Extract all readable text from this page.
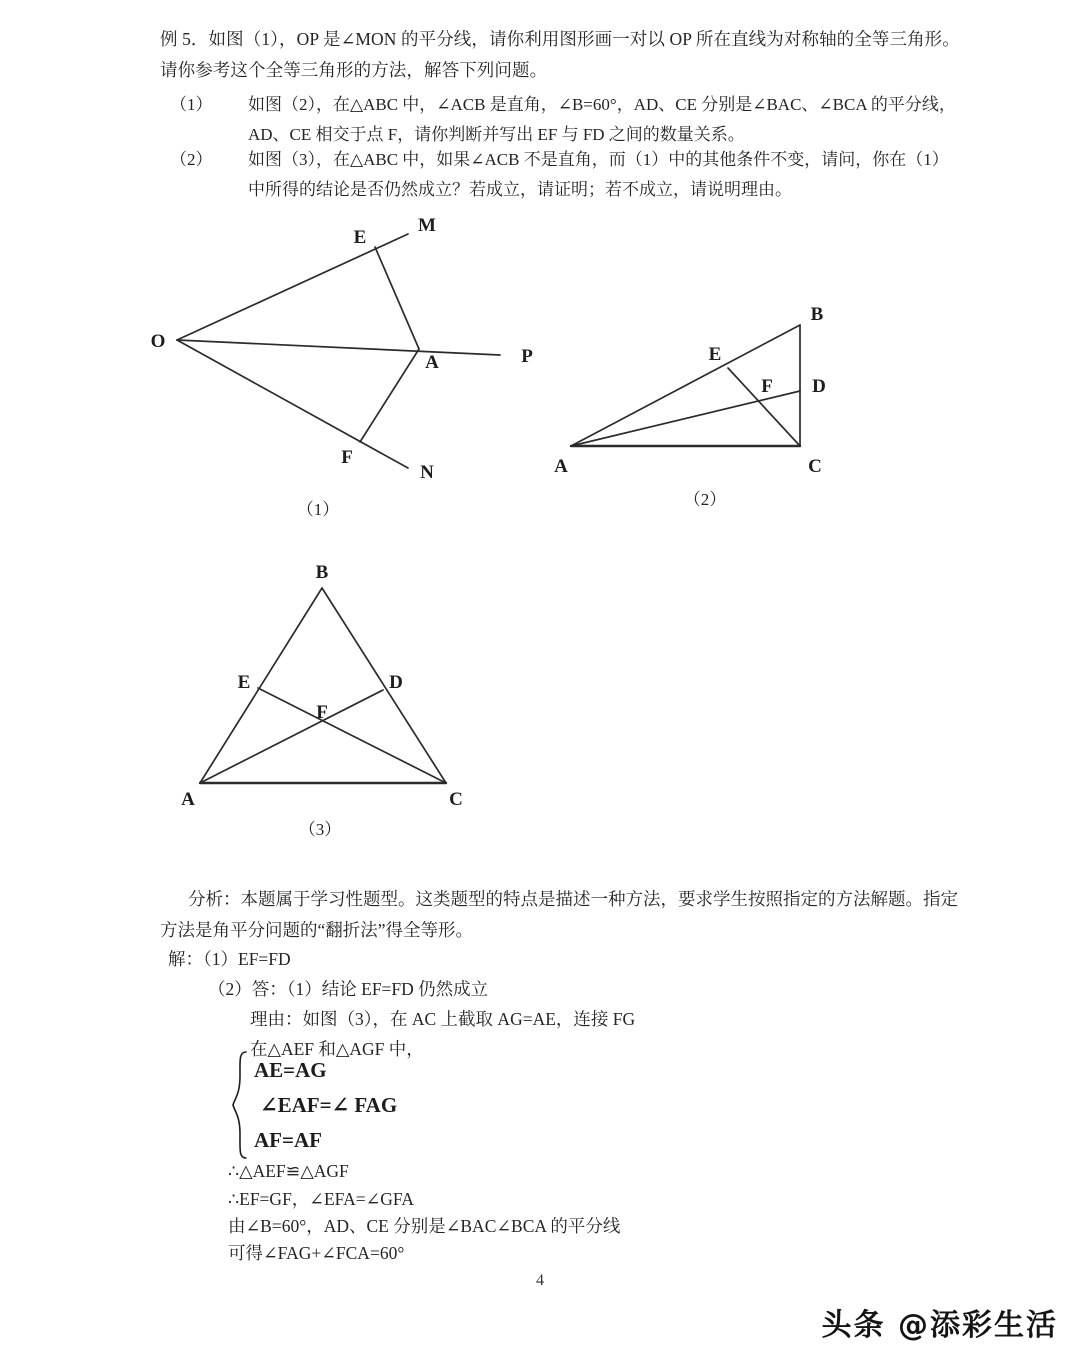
例 5．如图（1），OP 是∠MON 的平分线，请你利用图形画一对以 OP 所在直线为对称轴的全等三角形。

请你参考这个全等三角形的方法，解答下列问题。

（1） 如图（2），在△ABC 中，∠ACB 是直角，∠B=60°，AD、CE 分别是∠BAC、∠BCA 的平分线，
AD、CE 相交于点 F，请你判断并写出 EF 与 FD 之间的数量关系。
（2） 如图（3），在△ABC 中，如果∠ACB 不是直角，而（1）中的其他条件不变，请问，你在（1）
中所得的结论是否仍然成立？若成立，请证明；若不成立，请说明理由。
O
M
E
A	P
F
N
（1）
A
B
C
D
E
F
（2）
A
B
C
D
E
F
（3）

分析：本题属于学习性题型。这类题型的特点是描述一种方法，要求学生按照指定的方法解题。指定

方法是角平分问题的“翻折法”得全等形。

解：（1）EF=FD

（2）答：（1）结论 EF=FD 仍然成立

理由：如图（3），在 AC 上截取 AG=AE，连接 FG

在△AEF 和△AGF 中，

AE=AG
∠EAF=∠ FAG
AF=AF
∴△AEF≌△AGF
∴EF=GF，∠EFA=∠GFA
由∠B=60°，AD、CE 分别是∠BAC∠BCA 的平分线
可得∠FAG+∠FCA=60°
4
头条 @添彩生活
